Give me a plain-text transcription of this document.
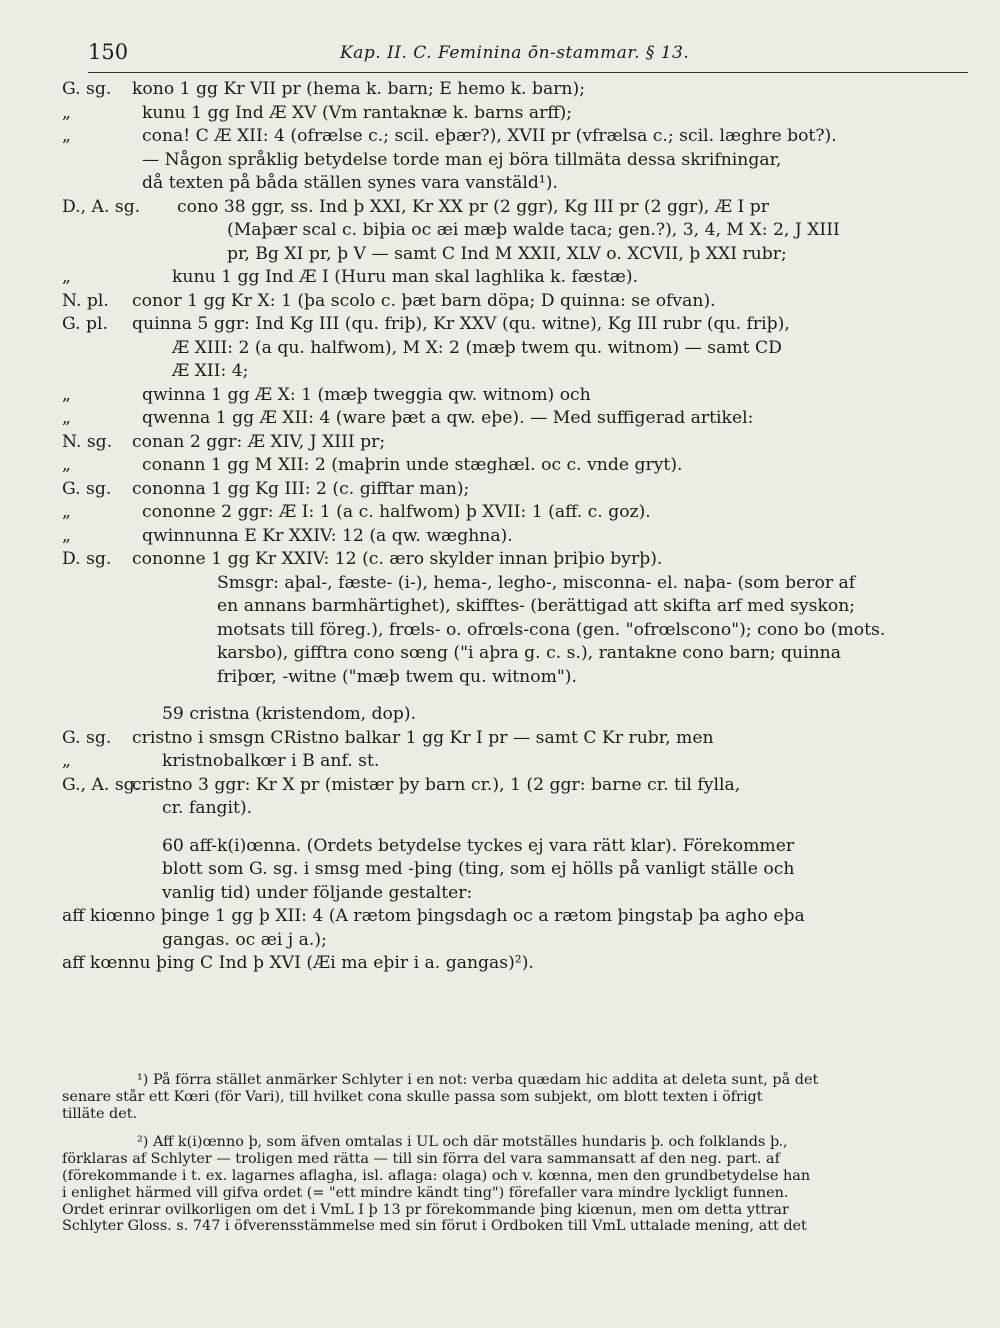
150	Kap. II. C. Feminina ōn-stammar. § 13.
G. sg. kono 1 gg Kr VII pr (hema k. barn; E hemo k. barn);
„	kunu 1 gg Ind Æ XV (Vm rantaknæ k. barns arff);
„	cona! C Æ XII: 4 (ofrælse c.; scil. eþær?), XVII pr (vfrælsa c.; scil. læghre bot?).
— Någon språklig betydelse torde man ej böra tillmäta dessa skrifningar,
då texten på båda ställen synes vara vanstäld¹).
D., A. sg. cono 38 ggr, ss. Ind þ XXI, Kr XX pr (2 ggr), Kg III pr (2 ggr), Æ I pr
(Maþær scal c. biþia oc æi mæþ walde taca; gen.?), 3, 4, M X: 2, J XIII
pr, Bg XI pr, þ V — samt C Ind M XXII, XLV o. XCVII, þ XXI rubr;
„	kunu 1 gg Ind Æ I (Huru man skal laghlika k. fæstæ).
N. pl. conor 1 gg Kr X: 1 (þa scolo c. þæt barn döpa; D quinna: se ofvan).
G. pl. quinna 5 ggr: Ind Kg III (qu. friþ), Kr XXV (qu. witne), Kg III rubr (qu. friþ),
Æ XIII: 2 (a qu. halfwom), M X: 2 (mæþ twem qu. witnom) — samt CD
Æ XII: 4;
„	qwinna 1 gg Æ X: 1 (mæþ tweggia qw. witnom) och
„	qwenna 1 gg Æ XII: 4 (ware þæt a qw. eþe). — Med suffigerad artikel:
N. sg. conan 2 ggr: Æ XIV, J XIII pr;
„	conann 1 gg M XII: 2 (maþrin unde stæghæl. oc c. vnde gryt).
G. sg. cononna 1 gg Kg III: 2 (c. gifftar man);
„	cononne 2 ggr: Æ I: 1 (a c. halfwom) þ XVII: 1 (aff. c. goz).
„	qwinnunna E Kr XXIV: 12 (a qw. wæghna).
D. sg. cononne 1 gg Kr XXIV: 12 (c. æro skylder innan þriþio byrþ).
Smsgr: aþal-, fæste- (i-), hema-, legho-, misconna- el. naþa- (som beror af
en annans barmhärtighet), skifftes- (berättigad att skifta arf med syskon;
motsats till föreg.), frœls- o. ofrœls-cona (gen. "ofrœlscono"); cono bo (mots.
karsbo), gifftra cono sœng ("i aþra g. c. s.), rantakne cono barn; quinna
friþœr, -witne ("mæþ twem qu. witnom").
59 cristna (kristendom, dop).
G. sg. cristno i smsgn CRistno balkar 1 gg Kr I pr — samt C Kr rubr, men
„	kristnobalkœr i B anf. st.
G., A. sg.
cristno 3 ggr: Kr X pr (mistær þy barn cr.), 1 (2 ggr: barne cr. til fylla,
cr. fangit).
60 aff-k(i)œnna. (Ordets betydelse tyckes ej vara rätt klar). Förekommer
blott som G. sg. i smsg med -þing (ting, som ej hölls på vanligt ställe och
vanlig tid) under följande gestalter:
aff kiœnno þinge 1 gg þ XII: 4 (A rætom þingsdagh oc a rætom þingstaþ þa agho eþa
gangas. oc æi j a.);
aff kœnnu þing C Ind þ XVI (Æi ma eþir i a. gangas)²).
¹) På förra stället anmärker Schlyter i en not: verba quædam hic addita at deleta sunt, på det
senare står ett Kœri (för Vari), till hvilket cona skulle passa som subjekt, om blott texten i öfrigt
tilläte det.
²) Aff k(i)œnno þ, som äfven omtalas i UL och där motställes hundaris þ. och folklands þ.,
förklaras af Schlyter — troligen med rätta — till sin förra del vara sammansatt af den neg. part. af
(förekommande i t. ex. lagarnes aflagha, isl. aflaga: olaga) och v. kœnna, men den grundbetydelse han
i enlighet härmed vill gifva ordet (= "ett mindre kändt ting") förefaller vara mindre lyckligt funnen.
Ordet erinrar ovilkorligen om det i VmL I þ 13 pr förekommande þing kiœnun, men om detta yttrar
Schlyter Gloss. s. 747 i öfverensstämmelse med sin förut i Ordboken till VmL uttalade mening, att det
